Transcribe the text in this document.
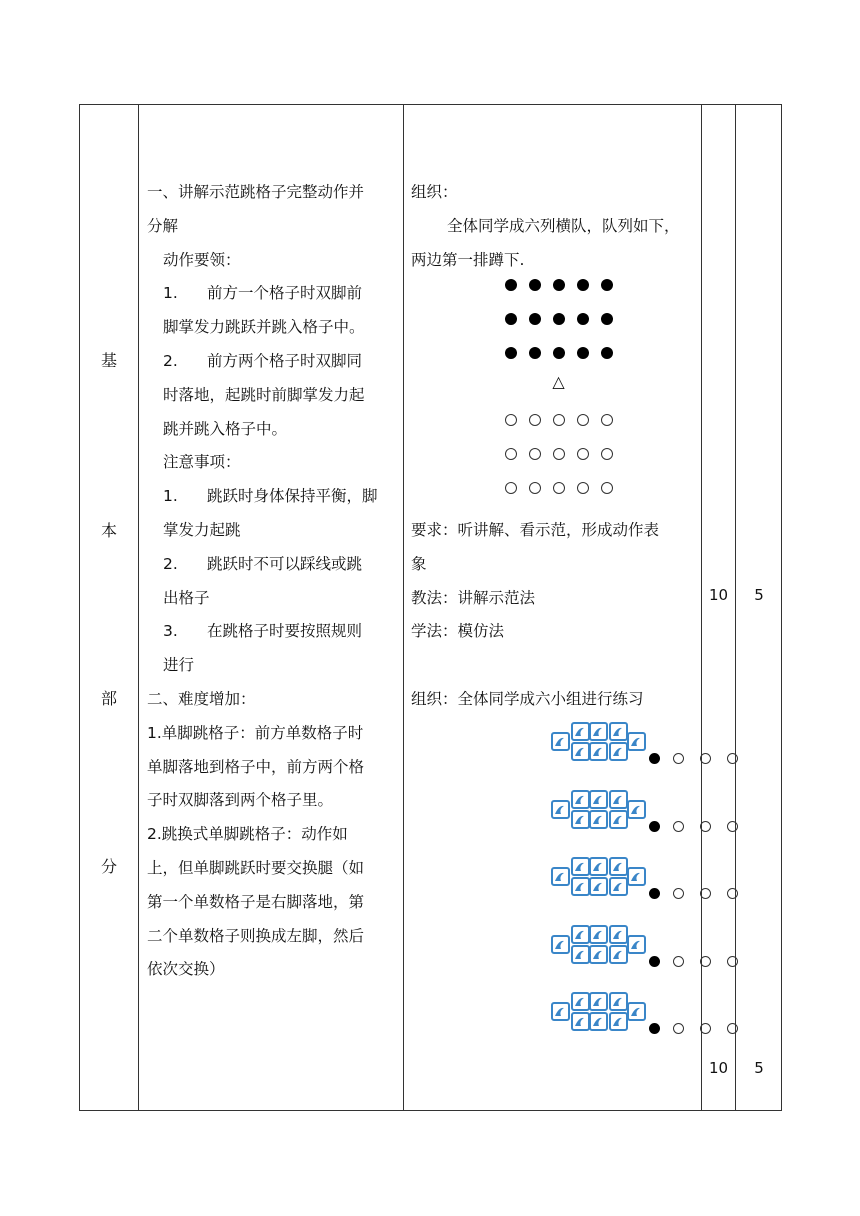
基
本
部
分
一、讲解示范跳格子完整动作并
分解
动作要领：
1. 前方一个格子时双脚前
脚掌发力跳跃并跳入格子中。
2. 前方两个格子时双脚同
时落地，起跳时前脚掌发力起
跳并跳入格子中。
注意事项：
1. 跳跃时身体保持平衡，脚
掌发力起跳
2. 跳跃时不可以踩线或跳
出格子
3. 在跳格子时要按照规则
进行
二、难度增加：
1.单脚跳格子：前方单数格子时
单脚落地到格子中，前方两个格
子时双脚落到两个格子里。
2.跳换式单脚跳格子：动作如
上，但单脚跳跃时要交换腿（如
第一个单数格子是右脚落地，第
二个单数格子则换成左脚，然后
依次交换）
组织：
全体同学成六列横队，队列如下，
两边第一排蹲下.
△
要求：听讲解、看示范，形成动作表
象
教法：讲解示范法
学法：模仿法
组织：全体同学成六小组进行练习
10	5
10	5
